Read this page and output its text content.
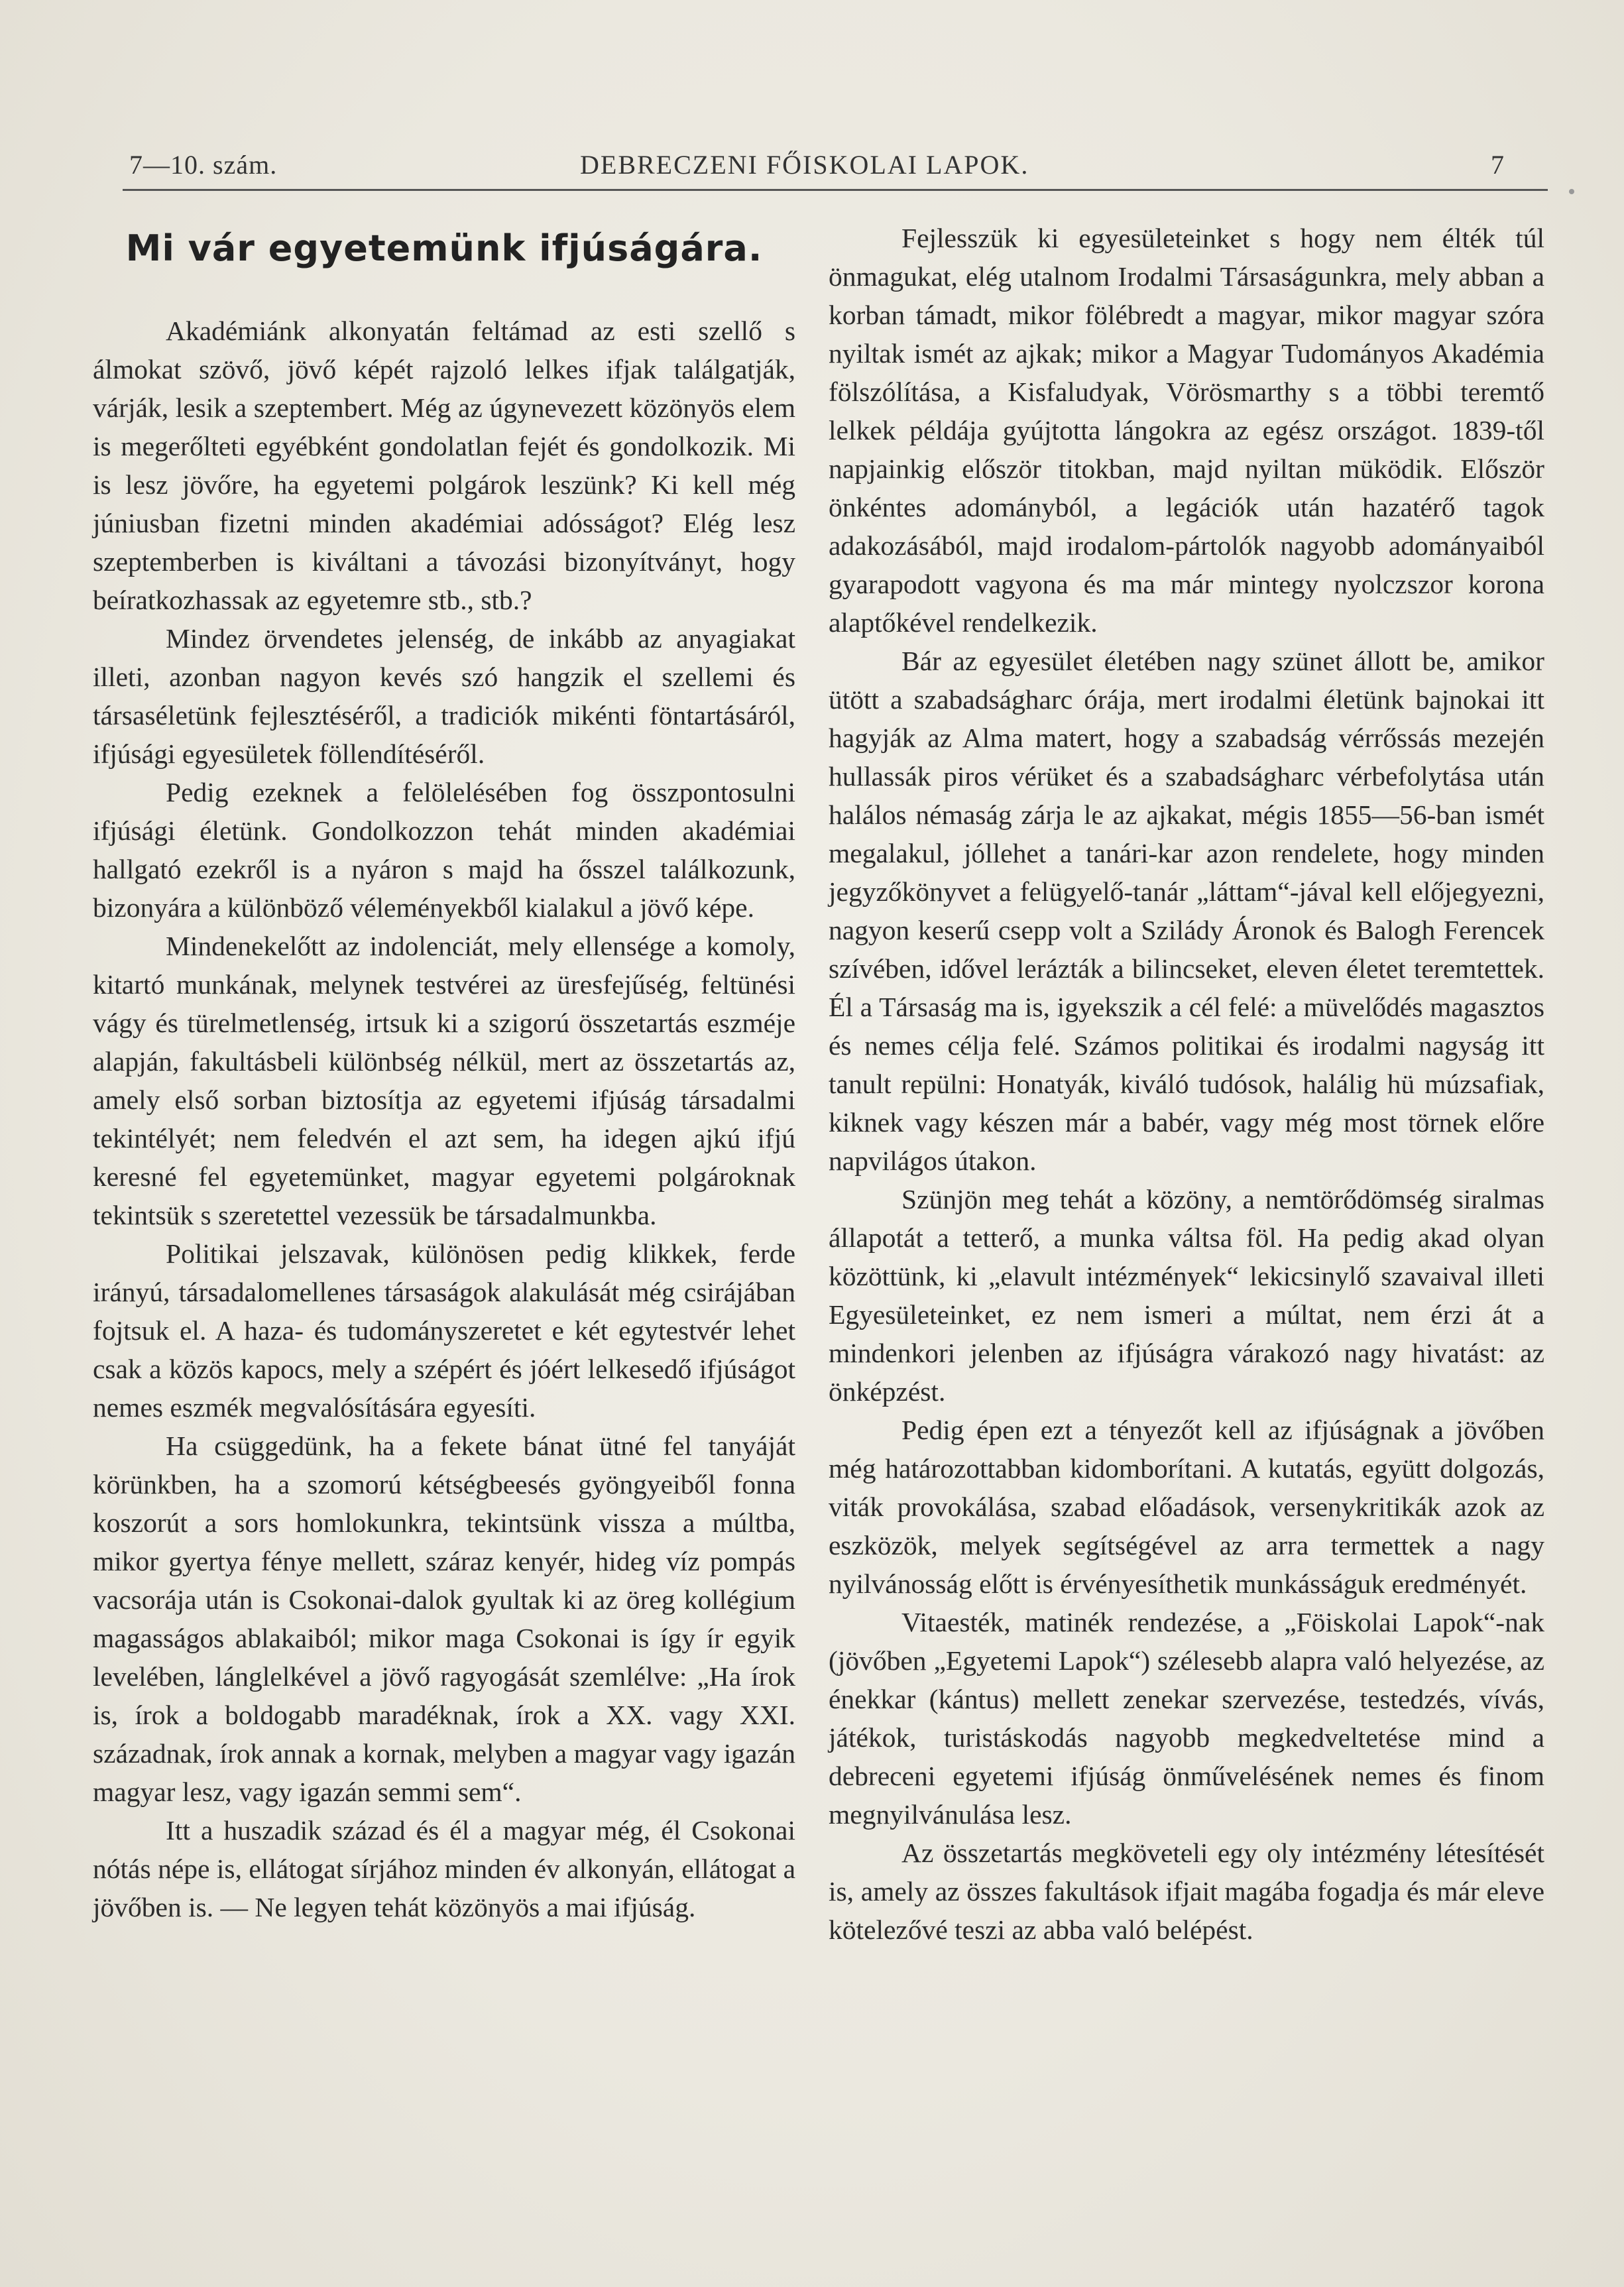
7—10. szám.	DEBRECZENI FŐISKOLAI LAPOK.	7
Mi vár egyetemünk ifjúságára.

Akadémiánk alkonyatán feltámad az esti szellő s álmokat szövő, jövő képét rajzoló lelkes ifjak találgatják, várják, lesik a szeptembert. Még az úgynevezett közönyös elem is megerőlteti egyébként gondolatlan fejét és gondolkozik. Mi is lesz jövőre, ha egyetemi polgárok leszünk? Ki kell még júniusban fizetni minden akadémiai adósságot? Elég lesz szeptemberben is kiváltani a távozási bizonyítványt, hogy beíratkozhassak az egyetemre stb., stb.?

Mindez örvendetes jelenség, de inkább az anyagiakat illeti, azonban nagyon kevés szó hangzik el szellemi és társaséletünk fejlesztéséről, a tradiciók mikénti föntartásáról, ifjúsági egyesületek föllendítéséről.

Pedig ezeknek a felölelésében fog összpontosulni ifjúsági életünk. Gondolkozzon tehát minden akadémiai hallgató ezekről is a nyáron s majd ha ősszel találkozunk, bizonyára a különböző véleményekből kialakul a jövő képe.

Mindenekelőtt az indolenciát, mely ellensége a komoly, kitartó munkának, melynek testvérei az üresfejűség, feltünési vágy és türelmetlenség, irtsuk ki a szigorú összetartás eszméje alapján, fakultásbeli különbség nélkül, mert az összetartás az, amely első sorban biztosítja az egyetemi ifjúság társadalmi tekintélyét; nem feledvén el azt sem, ha idegen ajkú ifjú keresné fel egyetemünket, magyar egyetemi polgároknak tekintsük s szeretettel vezessük be társadalmunkba.

Politikai jelszavak, különösen pedig klikkek, ferde irányú, társadalomellenes társaságok alakulását még csirájában fojtsuk el. A haza- és tudományszeretet e két egytestvér lehet csak a közös kapocs, mely a szépért és jóért lelkesedő ifjúságot nemes eszmék megvalósítására egyesíti.

Ha csüggedünk, ha a fekete bánat ütné fel tanyáját körünkben, ha a szomorú kétségbeesés gyöngyeiből fonna koszorút a sors homlokunkra, tekintsünk vissza a múltba, mikor gyertya fénye mellett, száraz kenyér, hideg víz pompás vacsorája után is Csokonai-dalok gyultak ki az öreg kollégium magasságos ablakaiból; mikor maga Csokonai is így ír egyik levelében, lánglelkével a jövő ragyogását szemlélve: „Ha írok is, írok a boldogabb maradéknak, írok a XX. vagy XXI. századnak, írok annak a kornak, melyben a magyar vagy igazán magyar lesz, vagy igazán semmi sem“.

Itt a huszadik század és él a magyar még, él Csokonai nótás népe is, ellátogat sírjához minden év alkonyán, ellátogat a jövőben is. — Ne legyen tehát közönyös a mai ifjúság.

Fejlesszük ki egyesületeinket s hogy nem élték túl önmagukat, elég utalnom Irodalmi Társaságunkra, mely abban a korban támadt, mikor fölébredt a magyar, mikor magyar szóra nyiltak ismét az ajkak; mikor a Magyar Tudományos Akadémia fölszólítása, a Kisfaludyak, Vörösmarthy s a többi teremtő lelkek példája gyújtotta lángokra az egész országot. 1839-től napjainkig először titokban, majd nyiltan müködik. Először önkéntes adományból, a legációk után hazatérő tagok adakozásából, majd irodalom-pártolók nagyobb adományaiból gyarapodott vagyona és ma már mintegy nyolczszor korona alaptőkével rendelkezik.

Bár az egyesület életében nagy szünet állott be, amikor ütött a szabadságharc órája, mert irodalmi életünk bajnokai itt hagyják az Alma matert, hogy a szabadság vérrőssás mezején hullassák piros vérüket és a szabadságharc vérbefolytása után halálos némaság zárja le az ajkakat, mégis 1855—56-ban ismét megalakul, jóllehet a tanári-kar azon rendelete, hogy minden jegyzőkönyvet a felügyelő-tanár „láttam“-jával kell előjegyezni, nagyon keserű csepp volt a Szilády Áronok és Balogh Ferencek szívében, idővel lerázták a bilincseket, eleven életet teremtettek. Él a Társaság ma is, igyekszik a cél felé: a müvelődés magasztos és nemes célja felé. Számos politikai és irodalmi nagyság itt tanult repülni: Honatyák, kiváló tudósok, halálig hü múzsafiak, kiknek vagy készen már a babér, vagy még most törnek előre napvilágos útakon.

Szünjön meg tehát a közöny, a nemtörődömség siralmas állapotát a tetterő, a munka váltsa föl. Ha pedig akad olyan közöttünk, ki „elavult intézmények“ lekicsinylő szavaival illeti Egyesületeinket, ez nem ismeri a múltat, nem érzi át a mindenkori jelenben az ifjúságra várakozó nagy hivatást: az önképzést.

Pedig épen ezt a tényezőt kell az ifjúságnak a jövőben még határozottabban kidomborítani. A kutatás, együtt dolgozás, viták provokálása, szabad előadások, versenykritikák azok az eszközök, melyek segítségével az arra termettek a nagy nyilvánosság előtt is érvényesíthetik munkásságuk eredményét.

Vitaesték, matinék rendezése, a „Föiskolai Lapok“-nak (jövőben „Egyetemi Lapok“) szélesebb alapra való helyezése, az énekkar (kántus) mellett zenekar szervezése, testedzés, vívás, játékok, turistáskodás nagyobb megkedveltetése mind a debreceni egyetemi ifjúság önművelésének nemes és finom megnyilvánulása lesz.

Az összetartás megköveteli egy oly intézmény létesítését is, amely az összes fakultások ifjait magába fogadja és már eleve kötelezővé teszi az abba való belépést.
